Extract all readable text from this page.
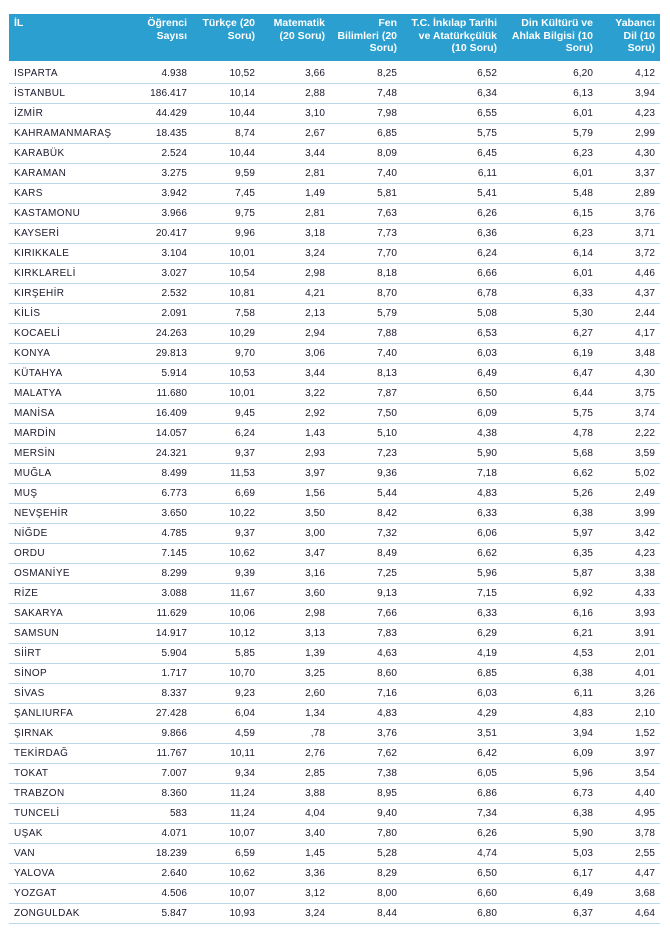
İL	Öğrenci Sayısı	Türkçe (20 Soru)	Matematik (20 Soru)	Fen Bilimleri (20 Soru)	T.C. İnkılap Tarihi ve Atatürkçülük (10 Soru)	Din Kültürü ve Ahlak Bilgisi (10 Soru)	Yabancı Dil (10 Soru)
ISPARTA	4.938	10,52	3,66	8,25	6,52	6,20	4,12
İSTANBUL	186.417	10,14	2,88	7,48	6,34	6,13	3,94
İZMİR	44.429	10,44	3,10	7,98	6,55	6,01	4,23
KAHRAMANMARAŞ	18.435	8,74	2,67	6,85	5,75	5,79	2,99
KARABÜK	2.524	10,44	3,44	8,09	6,45	6,23	4,30
KARAMAN	3.275	9,59	2,81	7,40	6,11	6,01	3,37
KARS	3.942	7,45	1,49	5,81	5,41	5,48	2,89
KASTAMONU	3.966	9,75	2,81	7,63	6,26	6,15	3,76
KAYSERİ	20.417	9,96	3,18	7,73	6,36	6,23	3,71
KIRIKKALE	3.104	10,01	3,24	7,70	6,24	6,14	3,72
KIRKLARELİ	3.027	10,54	2,98	8,18	6,66	6,01	4,46
KIRŞEHİR	2.532	10,81	4,21	8,70	6,78	6,33	4,37
KİLİS	2.091	7,58	2,13	5,79	5,08	5,30	2,44
KOCAELİ	24.263	10,29	2,94	7,88	6,53	6,27	4,17
KONYA	29.813	9,70	3,06	7,40	6,03	6,19	3,48
KÜTAHYA	5.914	10,53	3,44	8,13	6,49	6,47	4,30
MALATYA	11.680	10,01	3,22	7,87	6,50	6,44	3,75
MANİSA	16.409	9,45	2,92	7,50	6,09	5,75	3,74
MARDİN	14.057	6,24	1,43	5,10	4,38	4,78	2,22
MERSİN	24.321	9,37	2,93	7,23	5,90	5,68	3,59
MUĞLA	8.499	11,53	3,97	9,36	7,18	6,62	5,02
MUŞ	6.773	6,69	1,56	5,44	4,83	5,26	2,49
NEVŞEHİR	3.650	10,22	3,50	8,42	6,33	6,38	3,99
NİĞDE	4.785	9,37	3,00	7,32	6,06	5,97	3,42
ORDU	7.145	10,62	3,47	8,49	6,62	6,35	4,23
OSMANİYE	8.299	9,39	3,16	7,25	5,96	5,87	3,38
RİZE	3.088	11,67	3,60	9,13	7,15	6,92	4,33
SAKARYA	11.629	10,06	2,98	7,66	6,33	6,16	3,93
SAMSUN	14.917	10,12	3,13	7,83	6,29	6,21	3,91
SİİRT	5.904	5,85	1,39	4,63	4,19	4,53	2,01
SİNOP	1.717	10,70	3,25	8,60	6,85	6,38	4,01
SİVAS	8.337	9,23	2,60	7,16	6,03	6,11	3,26
ŞANLIURFA	27.428	6,04	1,34	4,83	4,29	4,83	2,10
ŞIRNAK	9.866	4,59	,78	3,76	3,51	3,94	1,52
TEKİRDAĞ	11.767	10,11	2,76	7,62	6,42	6,09	3,97
TOKAT	7.007	9,34	2,85	7,38	6,05	5,96	3,54
TRABZON	8.360	11,24	3,88	8,95	6,86	6,73	4,40
TUNCELİ	583	11,24	4,04	9,40	7,34	6,38	4,95
UŞAK	4.071	10,07	3,40	7,80	6,26	5,90	3,78
VAN	18.239	6,59	1,45	5,28	4,74	5,03	2,55
YALOVA	2.640	10,62	3,36	8,29	6,50	6,17	4,47
YOZGAT	4.506	10,07	3,12	8,00	6,60	6,49	3,68
ZONGULDAK	5.847	10,93	3,24	8,44	6,80	6,37	4,64
